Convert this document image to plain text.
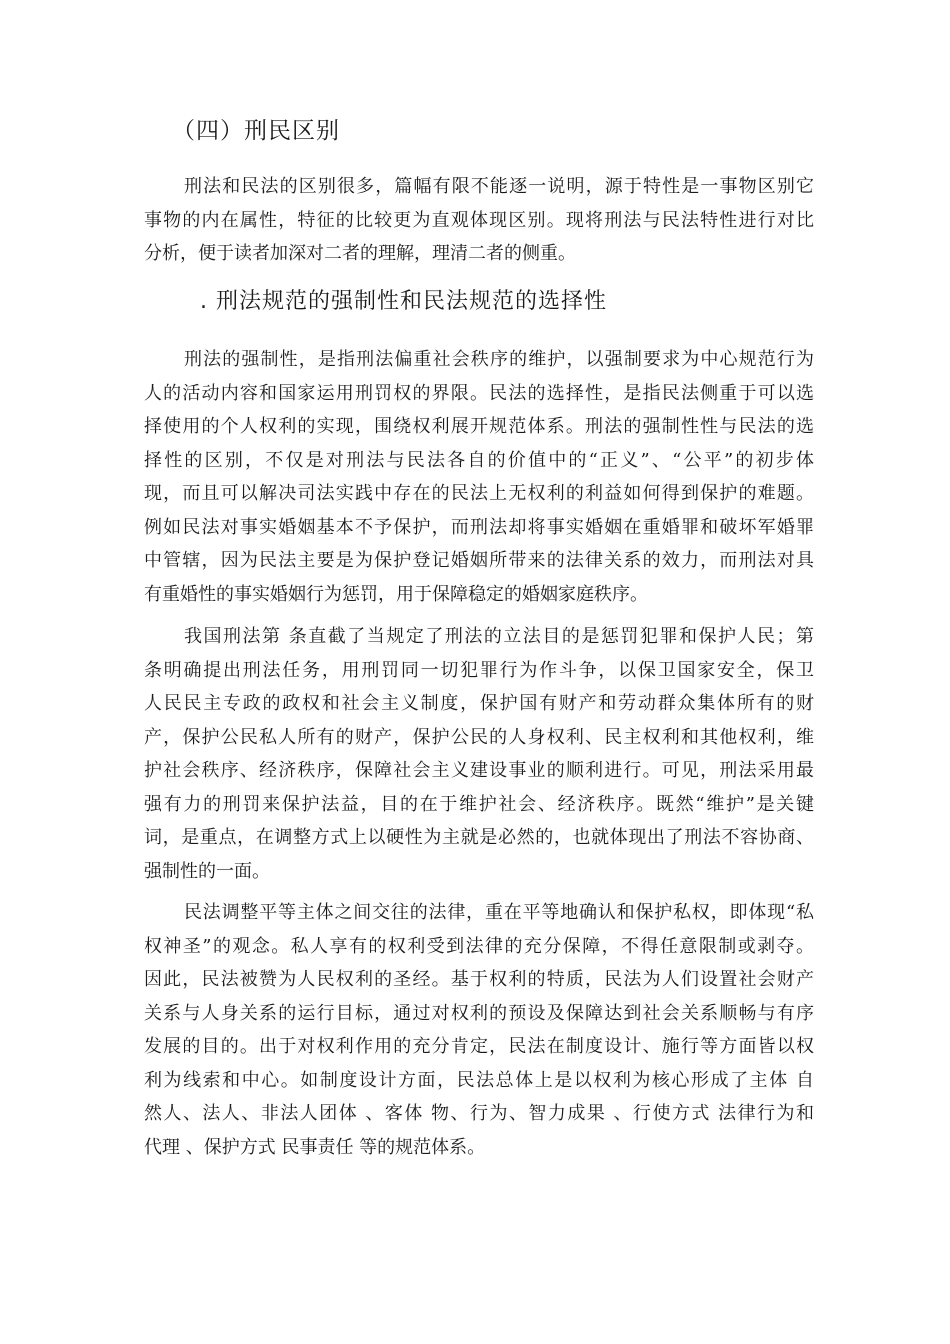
（四）刑民区别

刑法和民法的区别很多，篇幅有限不能逐一说明，源于特性是一事物区别它
事物的内在属性，特征的比较更为直观体现区别。现将刑法与民法特性进行对比
分析，便于读者加深对二者的理解，理清二者的侧重。

. 刑法规范的强制性和民法规范的选择性

刑法的强制性，是指刑法偏重社会秩序的维护，以强制要求为中心规范行为
人的活动内容和国家运用刑罚权的界限。民法的选择性，是指民法侧重于可以选
择使用的个人权利的实现，围绕权利展开规范体系。刑法的强制性性与民法的选
择性的区别，不仅是对刑法与民法各自的价值中的“正义”、“公平”的初步体
现，而且可以解决司法实践中存在的民法上无权利的利益如何得到保护的难题。
例如民法对事实婚姻基本不予保护，而刑法却将事实婚姻在重婚罪和破坏军婚罪
中管辖，因为民法主要是为保护登记婚姻所带来的法律关系的效力，而刑法对具
有重婚性的事实婚姻行为惩罚，用于保障稳定的婚姻家庭秩序。

我国刑法第 条直截了当规定了刑法的立法目的是惩罚犯罪和保护人民；第
条明确提出刑法任务，用刑罚同一切犯罪行为作斗争，以保卫国家安全，保卫
人民民主专政的政权和社会主义制度，保护国有财产和劳动群众集体所有的财
产，保护公民私人所有的财产，保护公民的人身权利、民主权利和其他权利，维
护社会秩序、经济秩序，保障社会主义建设事业的顺利进行。可见，刑法采用最
强有力的刑罚来保护法益，目的在于维护社会、经济秩序。既然“维护”是关键
词，是重点，在调整方式上以硬性为主就是必然的，也就体现出了刑法不容协商、
强制性的一面。

民法调整平等主体之间交往的法律，重在平等地确认和保护私权，即体现“私
权神圣”的观念。私人享有的权利受到法律的充分保障，不得任意限制或剥夺。
因此，民法被赞为人民权利的圣经。基于权利的特质，民法为人们设置社会财产
关系与人身关系的运行目标，通过对权利的预设及保障达到社会关系顺畅与有序
发展的目的。出于对权利作用的充分肯定，民法在制度设计、施行等方面皆以权
利为线索和中心。如制度设计方面，民法总体上是以权利为核心形成了主体 自
然人、法人、非法人团体 、客体 物、行为、智力成果 、行使方式 法律行为和
代理 、保护方式 民事责任 等的规范体系。
